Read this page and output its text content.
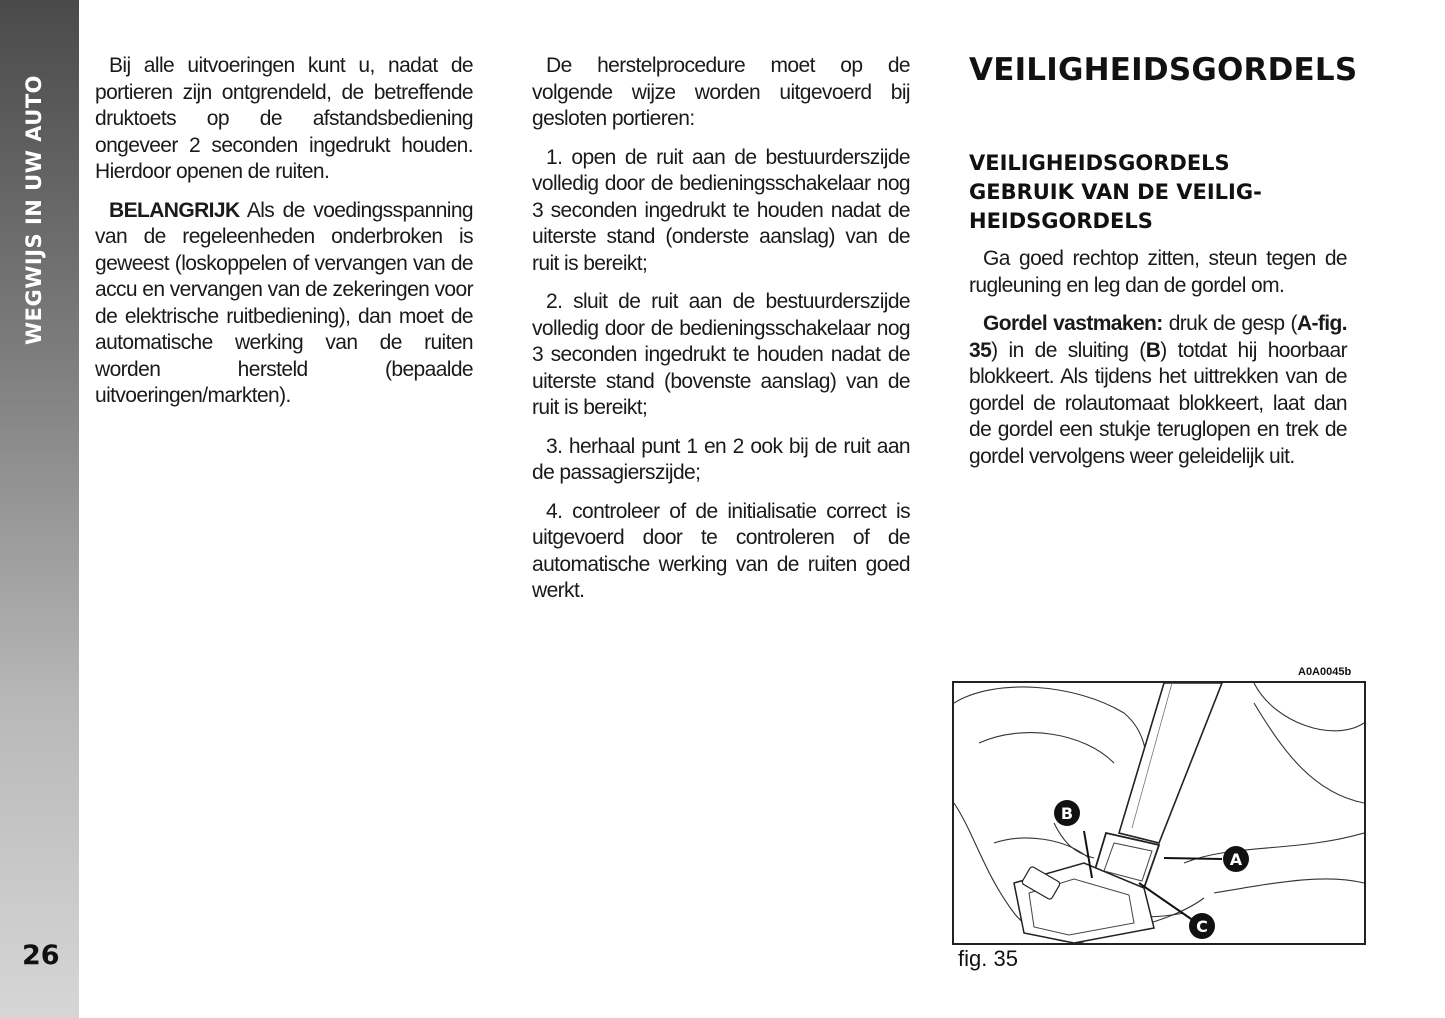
WEGWIJS IN UW AUTO
26

Bij alle uitvoeringen kunt u, nadat de portieren zijn ontgrendeld, de betreffende druktoets op de afstandsbediening ongeveer 2 seconden ingedrukt houden. Hierdoor openen de ruiten.

BELANGRIJK Als de voedingsspanning van de regeleenheden onderbroken is geweest (loskoppelen of vervangen van de accu en vervangen van de zekeringen voor de elektrische ruitbediening), dan moet de automatische werking van de ruiten worden hersteld (bepaalde uitvoeringen/markten).

De herstelprocedure moet op de volgende wijze worden uitgevoerd bij gesloten portieren:

1. open de ruit aan de bestuurderszijde volledig door de bedieningsschakelaar nog 3 seconden ingedrukt te houden nadat de uiterste stand (onderste aanslag) van de ruit is bereikt;

2. sluit de ruit aan de bestuurderszijde volledig door de bedieningsschakelaar nog 3 seconden ingedrukt te houden nadat de uiterste stand (bovenste aanslag) van de ruit is bereikt;

3. herhaal punt 1 en 2 ook bij de ruit aan de passagierszijde;

4. controleer of de initialisatie correct is uitgevoerd door te controleren of de automatische werking van de ruiten goed werkt.

VEILIGHEIDSGORDELS
VEILIGHEIDSGORDELS
GEBRUIK VAN DE VEILIG-
HEIDSGORDELS

Ga goed rechtop zitten, steun tegen de rugleuning en leg dan de gordel om.

Gordel vastmaken: druk de gesp (A-fig. 35) in de sluiting (B) totdat hij hoorbaar blokkeert. Als tijdens het uittrekken van de gordel de rolautomaat blokkeert, laat dan de gordel een stukje teruglopen en trek de gordel vervolgens weer geleidelijk uit.

A0A0045b
A
B
C
fig. 35
